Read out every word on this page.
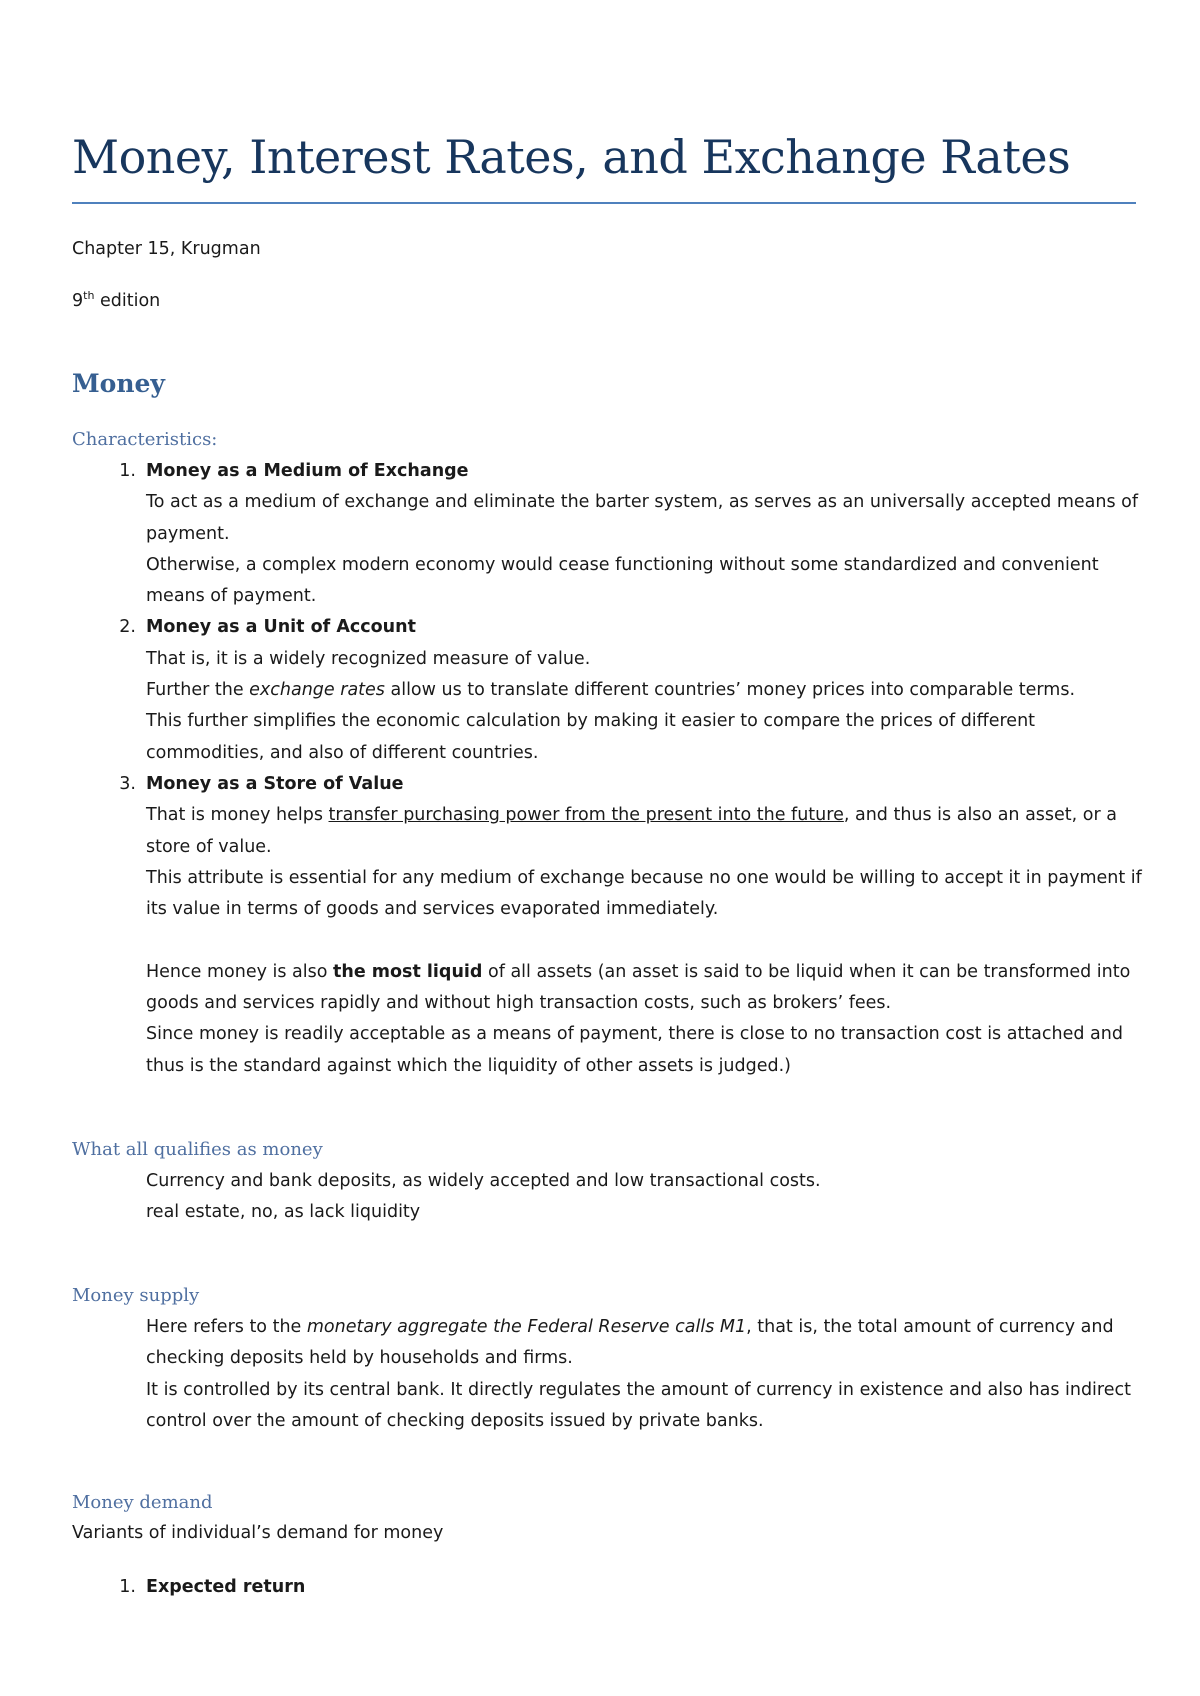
Money, Interest Rates, and Exchange Rates

Chapter 15, Krugman

9th edition

Money
Characteristics:
1. Money as a Medium of Exchange
To act as a medium of exchange and eliminate the barter system, as serves as an universally accepted means of payment.
Otherwise, a complex modern economy would cease functioning without some standardized and convenient means of payment.
2. Money as a Unit of Account
That is, it is a widely recognized measure of value.
Further the exchange rates allow us to translate different countries’ money prices into comparable terms.
This further simplifies the economic calculation by making it easier to compare the prices of different commodities, and also of different countries.
3. Money as a Store of Value
That is money helps transfer purchasing power from the present into the future, and thus is also an asset, or a store of value.
This attribute is essential for any medium of exchange because no one would be willing to accept it in payment if its value in terms of goods and services evaporated immediately.
Hence money is also the most liquid of all assets (an asset is said to be liquid when it can be transformed into goods and services rapidly and without high transaction costs, such as brokers’ fees.
Since money is readily acceptable as a means of payment, there is close to no transaction cost is attached and thus is the standard against which the liquidity of other assets is judged.)
What all qualifies as money
Currency and bank deposits, as widely accepted and low transactional costs.
real estate, no, as lack liquidity
Money supply
Here refers to the monetary aggregate the Federal Reserve calls M1, that is, the total amount of currency and checking deposits held by households and firms.
It is controlled by its central bank. It directly regulates the amount of currency in existence and also has indirect control over the amount of checking deposits issued by private banks.
Money demand

Variants of individual’s demand for money

1. Expected return
